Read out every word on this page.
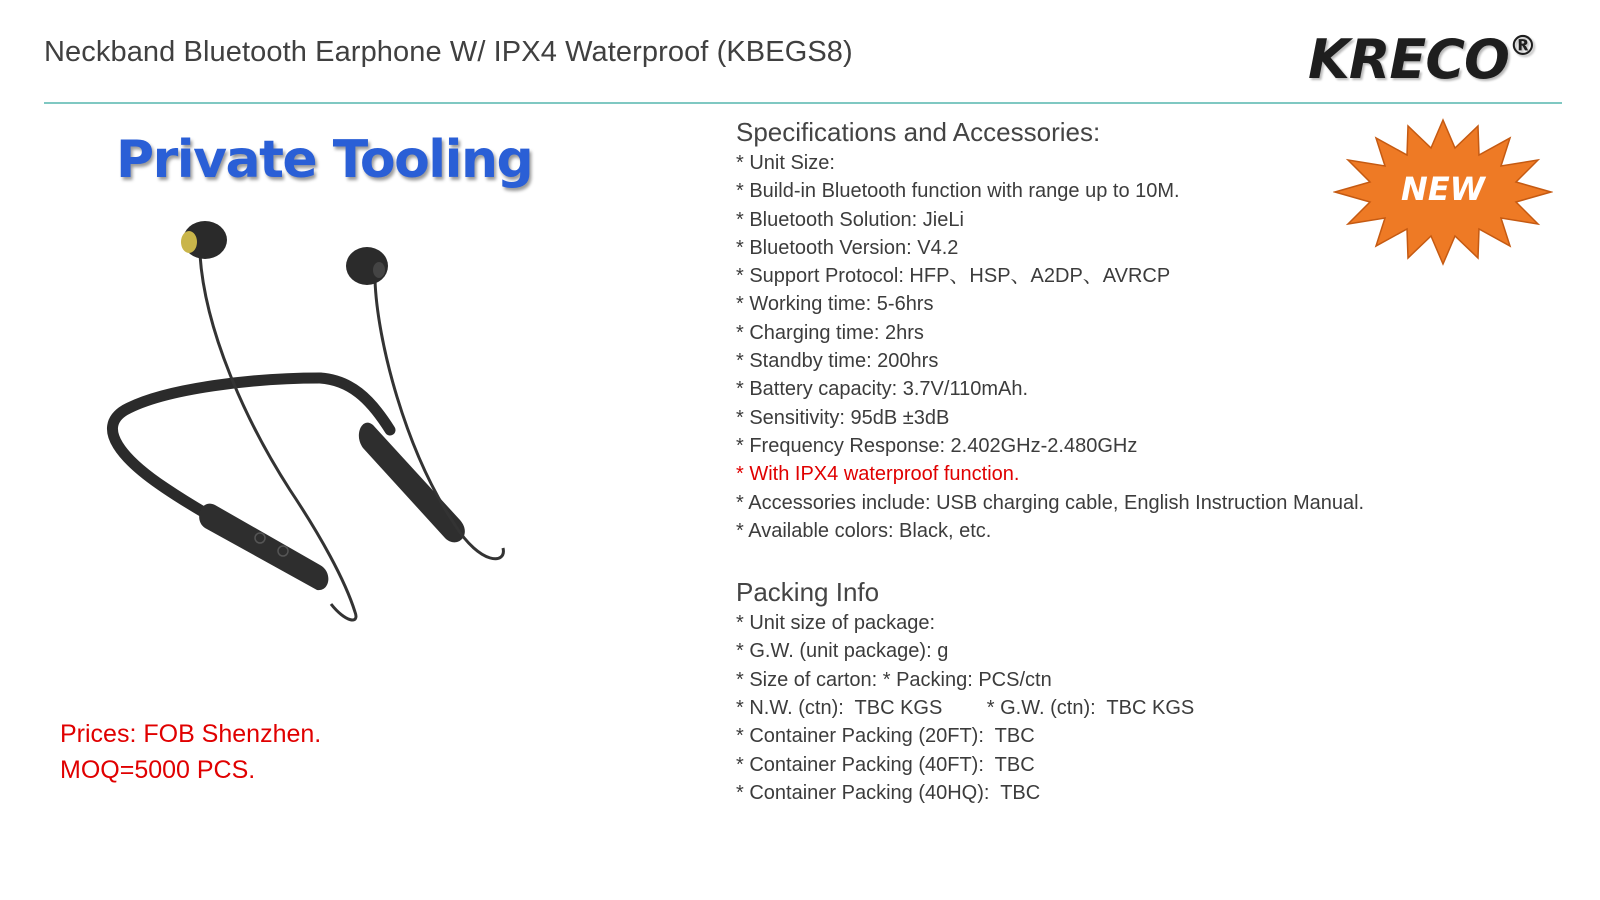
Neckband Bluetooth Earphone W/ IPX4 Waterproof (KBEGS8)	KRECO®
Private Tooling
Prices: FOB Shenzhen.
MOQ=5000 PCS.
NEW

Specifications and Accessories:

* Unit Size:
* Build-in Bluetooth function with range up to 10M.
* Bluetooth Solution: JieLi
* Bluetooth Version: V4.2
* Support Protocol: HFP、HSP、A2DP、AVRCP
* Working time: 5-6hrs
* Charging time: 2hrs
* Standby time: 200hrs
* Battery capacity: 3.7V/110mAh.
* Sensitivity: 95dB ±3dB
* Frequency Response: 2.402GHz-2.480GHz
* With IPX4 waterproof function.
* Accessories include: USB charging cable, English Instruction Manual.
* Available colors: Black, etc.

Packing Info

* Unit size of package:
* G.W. (unit package): g
* Size of carton: * Packing: PCS/ctn
* N.W. (ctn):  TBC KGS        * G.W. (ctn):  TBC KGS
* Container Packing (20FT):  TBC
* Container Packing (40FT):  TBC
* Container Packing (40HQ):  TBC
